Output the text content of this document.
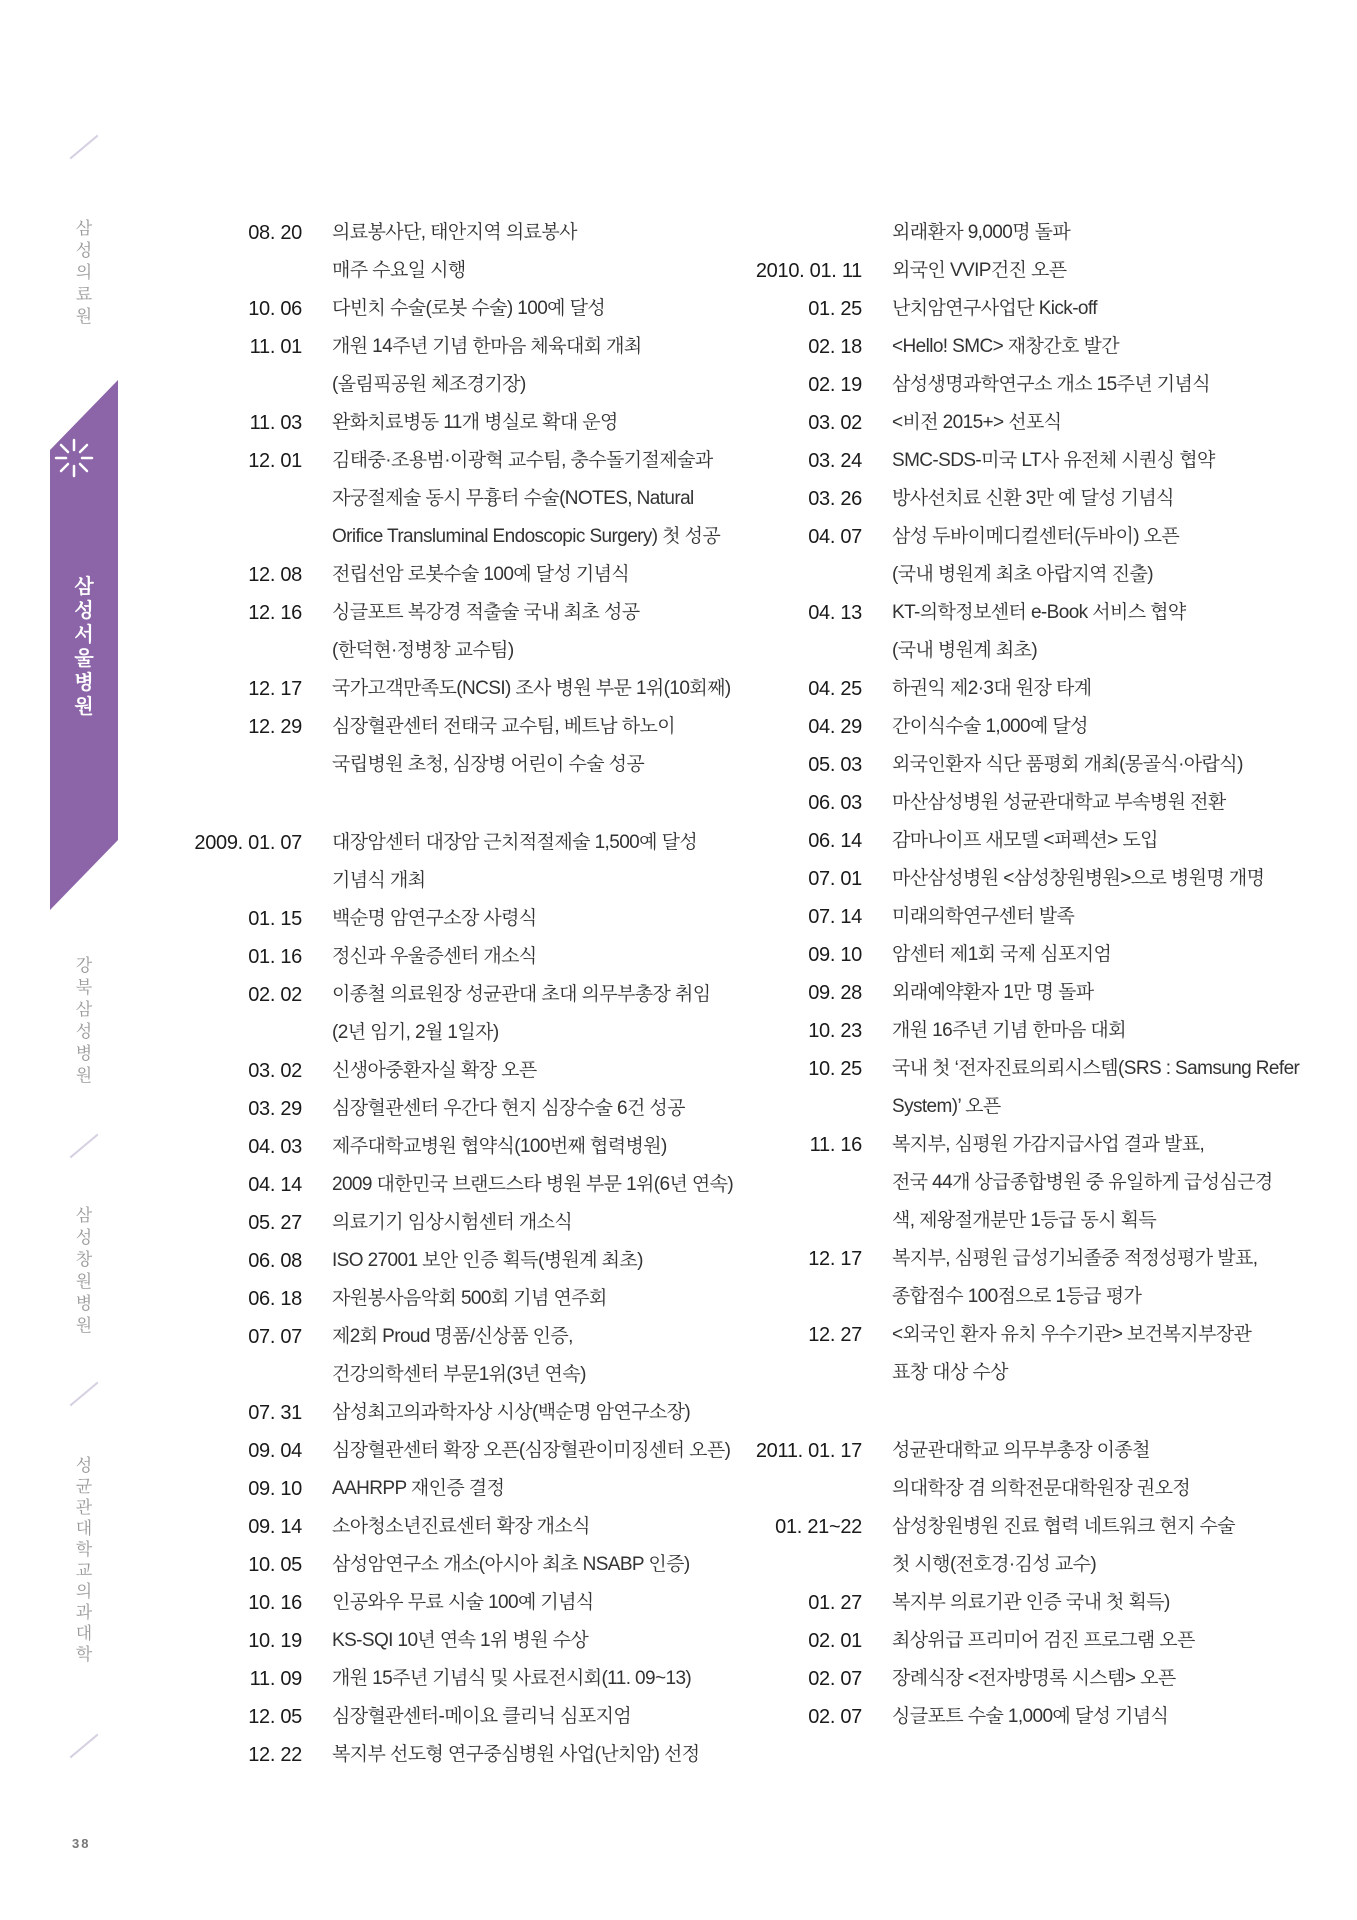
삼성의료원
삼성서울병원
강북삼성병원
삼성창원병원
성균관대학교 의과대학
38
08. 20	의료봉사단, 태안지역 의료봉사
매주 수요일 시행
10. 06	다빈치 수술(로봇 수술) 100예 달성
11. 01	개원 14주년 기념 한마음 체육대회 개최
(올림픽공원 체조경기장)
11. 03	완화치료병동 11개 병실로 확대 운영
12. 01	김태중·조용범·이광혁 교수팀, 충수돌기절제술과
자궁절제술 동시 무흉터 수술(NOTES, Natural
Orifice Transluminal Endoscopic Surgery) 첫 성공
12. 08	전립선암 로봇수술 100예 달성 기념식
12. 16	싱글포트 복강경 적출술 국내 최초 성공
(한덕현·정병창 교수팀)
12. 17	국가고객만족도(NCSI) 조사 병원 부문 1위(10회째)
12. 29	심장혈관센터 전태국 교수팀, 베트남 하노이
국립병원 초청, 심장병 어린이 수술 성공
2009. 01. 07	대장암센터 대장암 근치적절제술 1,500예 달성
기념식 개최
01. 15	백순명 암연구소장 사령식
01. 16	정신과 우울증센터 개소식
02. 02	이종철 의료원장 성균관대 초대 의무부총장 취임
(2년 임기, 2월 1일자)
03. 02	신생아중환자실 확장 오픈
03. 29	심장혈관센터 우간다 현지 심장수술 6건 성공
04. 03	제주대학교병원 협약식(100번째 협력병원)
04. 14	2009 대한민국 브랜드스타 병원 부문 1위(6년 연속)
05. 27	의료기기 임상시험센터 개소식
06. 08	ISO 27001 보안 인증 획득(병원계 최초)
06. 18	자원봉사음악회 500회 기념 연주회
07. 07	제2회 Proud 명품/신상품 인증,
건강의학센터 부문1위(3년 연속)
07. 31	삼성최고의과학자상 시상(백순명 암연구소장)
09. 04	심장혈관센터 확장 오픈(심장혈관이미징센터 오픈)
09. 10	AAHRPP 재인증 결정
09. 14	소아청소년진료센터 확장 개소식
10. 05	삼성암연구소 개소(아시아 최초 NSABP 인증)
10. 16	인공와우 무료 시술 100예 기념식
10. 19	KS-SQI 10년 연속 1위 병원 수상
11. 09	개원 15주년 기념식 및 사료전시회(11. 09~13)
12. 05	심장혈관센터-메이요 클리닉 심포지엄
12. 22	복지부 선도형 연구중심병원 사업(난치암) 선정
외래환자 9,000명 돌파
2010. 01. 11	외국인 VVIP건진 오픈
01. 25	난치암연구사업단 Kick-off
02. 18	<Hello! SMC> 재창간호 발간
02. 19	삼성생명과학연구소 개소 15주년 기념식
03. 02	<비전 2015+> 선포식
03. 24	SMC-SDS-미국 LT사 유전체 시퀀싱 협약
03. 26	방사선치료 신환 3만 예 달성 기념식
04. 07	삼성 두바이메디컬센터(두바이) 오픈
(국내 병원계 최초 아랍지역 진출)
04. 13	KT-의학정보센터 e-Book 서비스 협약
(국내 병원계 최초)
04. 25	하권익 제2·3대 원장 타계
04. 29	간이식수술 1,000예 달성
05. 03	외국인환자 식단 품평회 개최(몽골식·아랍식)
06. 03	마산삼성병원 성균관대학교 부속병원 전환
06. 14	감마나이프 새모델 <퍼펙션> 도입
07. 01	마산삼성병원 <삼성창원병원>으로 병원명 개명
07. 14	미래의학연구센터 발족
09. 10	암센터 제1회 국제 심포지엄
09. 28	외래예약환자 1만 명 돌파
10. 23	개원 16주년 기념 한마음 대회
10. 25	국내 첫 ‘전자진료의뢰시스템(SRS : Samsung Refer
System)’ 오픈
11. 16	복지부, 심평원 가감지급사업 결과 발표,
전국 44개 상급종합병원 중 유일하게 급성심근경
색, 제왕절개분만 1등급 동시 획득
12. 17	복지부, 심평원 급성기뇌졸중 적정성평가 발표,
종합점수 100점으로 1등급 평가
12. 27	<외국인 환자 유치 우수기관> 보건복지부장관
표창 대상 수상
2011. 01. 17	성균관대학교 의무부총장 이종철
의대학장 겸 의학전문대학원장 권오정
01. 21~22	삼성창원병원 진료 협력 네트워크 현지 수술
첫 시행(전호경·김성 교수)
01. 27	복지부 의료기관 인증 국내 첫 획득)
02. 01	최상위급 프리미어 검진 프로그램 오픈
02. 07	장례식장 <전자방명록 시스템> 오픈
02. 07	싱글포트 수술 1,000예 달성 기념식
